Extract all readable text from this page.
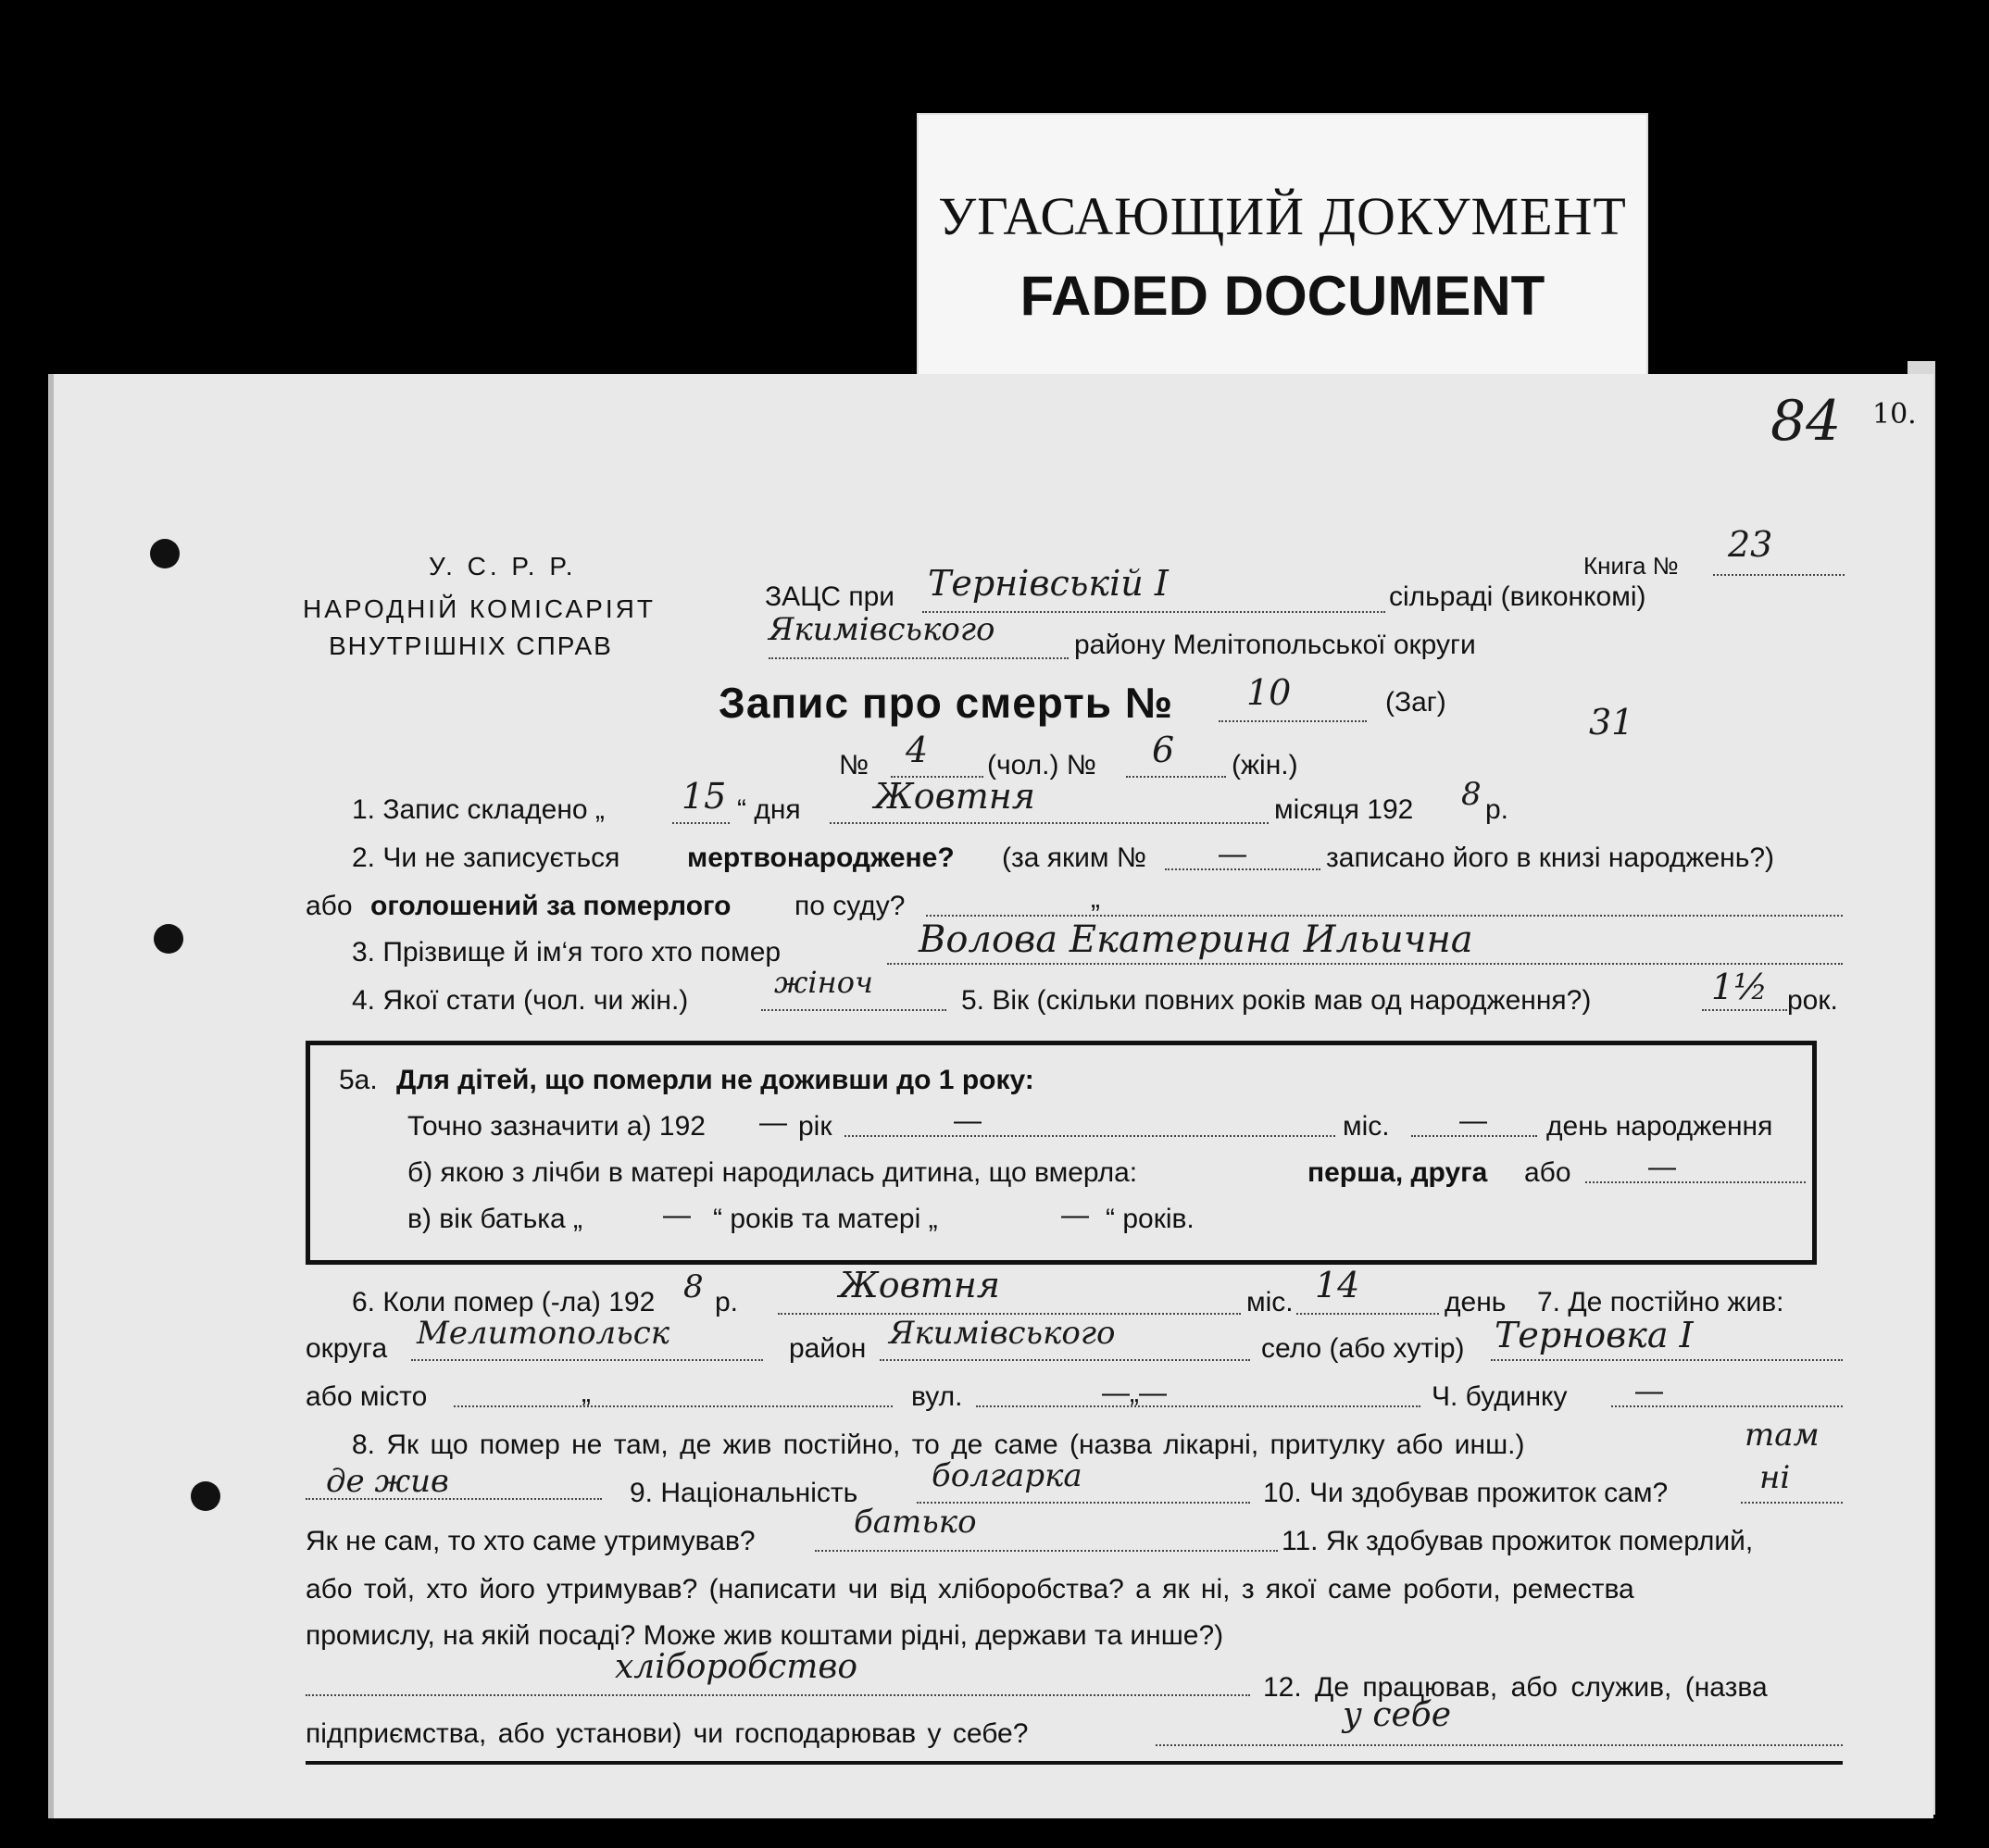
УГАСАЮЩИЙ ДОКУМЕНТ
FADED DOCUMENT
84 10.
У. С. Р. Р.
НАРОДНІЙ КОМІСАРІЯТ
ВНУТРІШНІХ СПРАВ
Книга №
23
ЗАЦС при Тернівській І	сільраді (виконкомі)
Якимівського	району Мелітопольської округи
Запис про смерть № 10	(Заг)	31
№ 4 (чол.) № 6 (жін.)
1. Запис складено „ 15 “ дня Жовтня	місяця 192 8 р.
2. Чи не записується мертвонароджене? (за яким №	—	записано його в книзі народжень?)
або оголошений за померлого по суду?	„
3. Прізвище й ім‘я того хто помер	Волова Екатерина Ильична
4. Якої стати (чол. чи жін.)
жіноч
5. Вік (скільки повних років мав од народження?)	1½ рок.
5а. Для дітей, що померли не доживши до 1 року:
Точно зазначити а) 192 — рік	—	міс.	— день народження
б) якою з лічби в матері народилась дитина, що вмерла:	перша, друга або	—
в) вік батька „	— “ років та матері „	— “ років.
6. Коли помер (-ла) 192 8 р.	Жовтня	міс. 14	день 7. Де постійно жив:
округа Мелитопольск	район Якимівського	село (або хутір) Терновка І
або місто	„	вул.	—„—	Ч. будинку —
8. Як що помер не там, де жив постійно, то де саме (назва лікарні, притулку або инш.)	там
де жив	9. Національність болгарка	10. Чи здобував прожиток сам?	ні
Як не сам, то хто саме утримував?
батько
11. Як здобував прожиток померлий,
або той, хто його утримував? (написати чи від хліборобства? а як ні, з якої саме роботи, ремества
промислу, на якій посаді? Може жив коштами рідні, держави та инше?)
хліборобство
12. Де працював, або служив, (назва
підприємства, або установи) чи господарював у себе?	у себе
